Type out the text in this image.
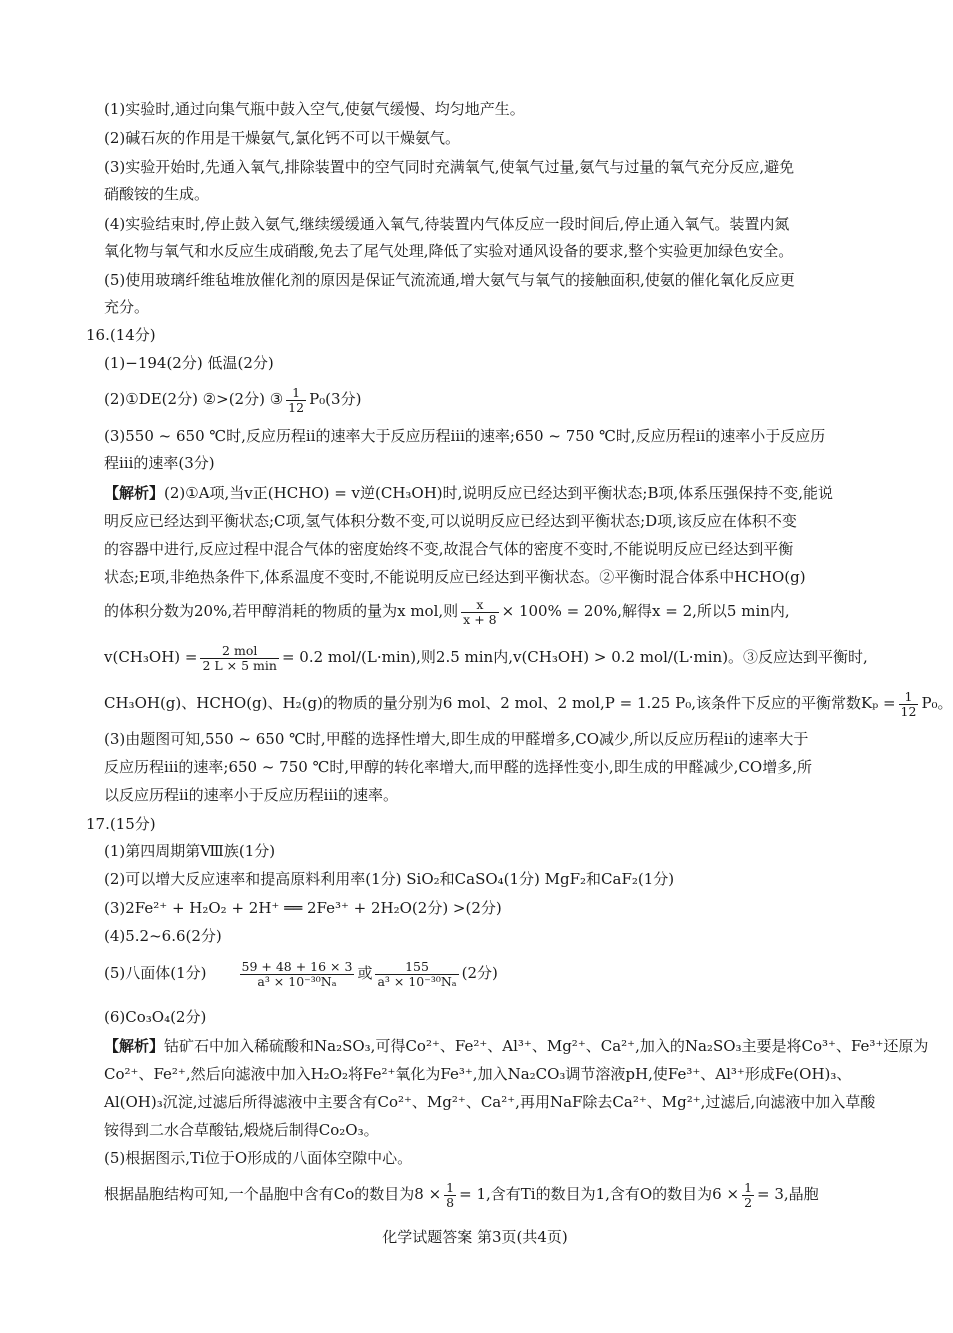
(1)实验时,通过向集气瓶中鼓入空气,使氨气缓慢、均匀地产生。
(2)碱石灰的作用是干燥氨气,氯化钙不可以干燥氨气。
(3)实验开始时,先通入氧气,排除装置中的空气同时充满氧气,使氧气过量,氨气与过量的氧气充分反应,避免
硝酸铵的生成。
(4)实验结束时,停止鼓入氨气,继续缓缓通入氧气,待装置内气体反应一段时间后,停止通入氧气。装置内氮
氧化物与氧气和水反应生成硝酸,免去了尾气处理,降低了实验对通风设备的要求,整个实验更加绿色安全。
(5)使用玻璃纤维毡堆放催化剂的原因是保证气流流通,增大氨气与氧气的接触面积,使氨的催化氧化反应更
充分。
16.(14分)
(1)−194(2分) 低温(2分)
(2)①DE(2分) ②>(2分) ③ $\frac{1}{12} P_0(3$分)
(3)550 ~ 650 ℃时,反应历程ⅱ的速率大于反应历程ⅲ的速率;650 ~ 750 ℃时,反应历程ⅱ的速率小于反应历
程ⅲ的速率(3分)
【解析】(2)①A项,当v正(HCHO) = v逆(CH₃OH)时,说明反应已经达到平衡状态;B项,体系压强保持不变,能说
明反应已经达到平衡状态;C项,氢气体积分数不变,可以说明反应已经达到平衡状态;D项,该反应在体积不变
的容器中进行,反应过程中混合气体的密度始终不变,故混合气体的密度不变时,不能说明反应已经达到平衡
状态;E项,非绝热条件下,体系温度不变时,不能说明反应已经达到平衡状态。②平衡时混合体系中HCHO(g)
的体积分数为20%,若甲醇消耗的物质的量为x mol,则 $\frac{x}{x + 8} \times 100\% = 20\%$,解得x = 2,所以5 min内,
$v(CH_3OH) = \frac{\text{2 mol}}{2 L \times 5 \min} = 0.2$ mol/(L·min),则2.5 min内,v(CH₃OH) > 0.2 mol/(L·min)。③反应达到平衡时,
CH₃OH(g)、HCHO(g)、H₂(g)的物质的量分别为6 mol、2 mol、2 mol,P = 1.25 P₀,该条件下反应的平衡常数$K_p = \frac{1}{12} P_0$。
(3)由题图可知,550 ~ 650 ℃时,甲醛的选择性增大,即生成的甲醛增多,CO减少,所以反应历程ⅱ的速率大于
反应历程ⅲ的速率;650 ~ 750 ℃时,甲醇的转化率增大,而甲醛的选择性变小,即生成的甲醛减少,CO增多,所
以反应历程ⅱ的速率小于反应历程ⅲ的速率。
17.(15分)
(1)第四周期第Ⅷ族(1分)
(2)可以增大反应速率和提高原料利用率(1分) SiO₂和CaSO₄(1分) MgF₂和CaF₂(1分)
(3)2Fe²⁺ + H₂O₂ + 2H⁺ ══ 2Fe³⁺ + 2H₂O(2分) >(2分)
(4)5.2~6.6(2分)
(5)八面体(1分)	$\frac{59 + 48 + 16 \times 3}{\text{a³ × 10⁻³⁰Nₐ}}$ 或 $\frac{155}{\text{a³ × 10⁻³⁰Nₐ}} (2$分)
(6)Co₃O₄(2分)
【解析】钴矿石中加入稀硫酸和Na₂SO₃,可得Co²⁺、Fe²⁺、Al³⁺、Mg²⁺、Ca²⁺,加入的Na₂SO₃主要是将Co³⁺、Fe³⁺还原为
Co²⁺、Fe²⁺,然后向滤液中加入H₂O₂将Fe²⁺氧化为Fe³⁺,加入Na₂CO₃调节溶液pH,使Fe³⁺、Al³⁺形成Fe(OH)₃、
Al(OH)₃沉淀,过滤后所得滤液中主要含有Co²⁺、Mg²⁺、Ca²⁺,再用NaF除去Ca²⁺、Mg²⁺,过滤后,向滤液中加入草酸
铵得到二水合草酸钴,煅烧后制得Co₂O₃。
(5)根据图示,Ti位于O形成的八面体空隙中心。
根据晶胞结构可知,一个晶胞中含有Co的数目为$8 \times \frac{1}{8} = 1$,含有Ti的数目为1,含有O的数目为$6 \times \frac{1}{2} = 3$,晶胞
化学试题答案 第3页(共4页)
